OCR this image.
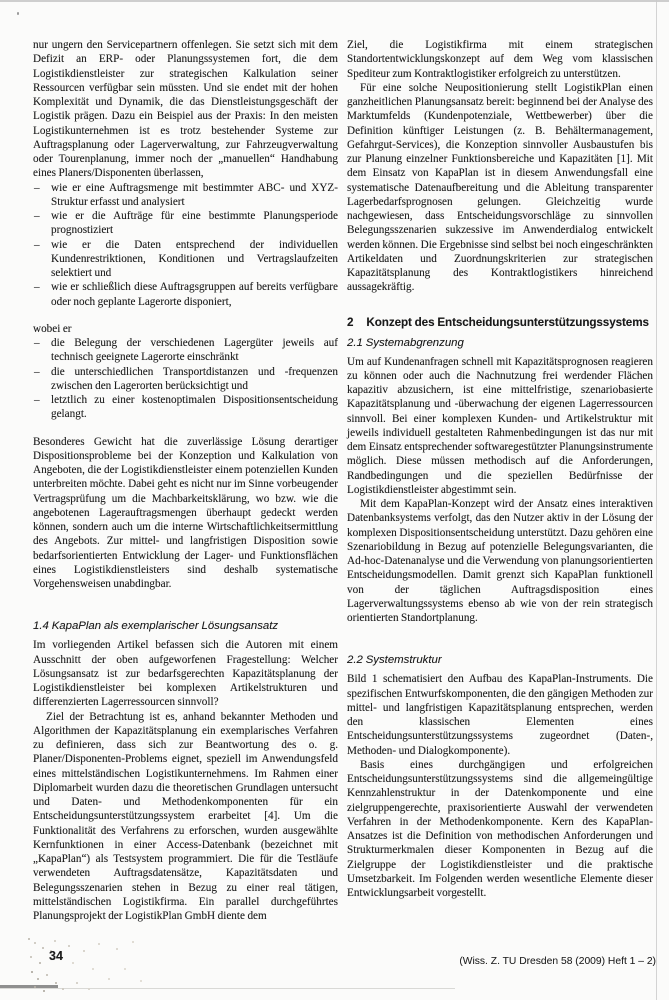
nur ungern den Servicepartnern offenlegen. Sie setzt sich mit dem Defizit an ERP- oder Planungssystemen fort, die dem Logistikdienstleister zur strategischen Kalkulation seiner Ressourcen verfügbar sein müssten. Und sie endet mit der hohen Komplexität und Dynamik, die das Dienstleistungsgeschäft der Logistik prägen. Dazu ein Beispiel aus der Praxis: In den meisten Logistikunternehmen ist es trotz bestehender Systeme zur Auftragsplanung oder Lagerverwaltung, zur Fahrzeugverwaltung oder Tourenplanung, immer noch der „manuellen“ Handhabung eines Planers/Disponenten überlassen,

– wie er eine Auftragsmenge mit bestimmter ABC- und XYZ-Struktur erfasst und analysiert
– wie er die Aufträge für eine bestimmte Planungsperiode prognostiziert
– wie er die Daten entsprechend der individuellen Kundenrestriktionen, Konditionen und Vertragslaufzeiten selektiert und
– wie er schließlich diese Auftragsgruppen auf bereits verfügbare oder noch geplante Lagerorte disponiert,

wobei er

– die Belegung der verschiedenen Lagergüter jeweils auf technisch geeignete Lagerorte einschränkt
– die unterschiedlichen Transportdistanzen und -frequenzen zwischen den Lagerorten berücksichtigt und
– letztlich zu einer kostenoptimalen Dispositionsentscheidung gelangt.

Besonderes Gewicht hat die zuverlässige Lösung derartiger Dispositionsprobleme bei der Konzeption und Kalkulation von Angeboten, die der Logistikdienstleister einem potenziellen Kunden unterbreiten möchte. Dabei geht es nicht nur im Sinne vorbeugender Vertragsprüfung um die Machbarkeitsklärung, wo bzw. wie die angebotenen Lagerauftragsmengen überhaupt gedeckt werden können, sondern auch um die interne Wirtschaftlichkeitsermittlung des Angebots. Zur mittel- und langfristigen Disposition sowie bedarfsorientierten Entwicklung der Lager- und Funktionsflächen eines Logistikdienstleisters sind deshalb systematische Vorgehensweisen unabdingbar.

1.4 KapaPlan als exemplarischer Lösungsansatz

Im vorliegenden Artikel befassen sich die Autoren mit einem Ausschnitt der oben aufgeworfenen Fragestellung: Welcher Lösungsansatz ist zur bedarfsgerechten Kapazitätsplanung der Logistikdienstleister bei komplexen Artikelstrukturen und differenzierten Lagerressourcen sinnvoll?

Ziel der Betrachtung ist es, anhand bekannter Methoden und Algorithmen der Kapazitätsplanung ein exemplarisches Verfahren zu definieren, dass sich zur Beantwortung des o. g. Planer/Disponenten-Problems eignet, speziell im Anwendungsfeld eines mittelständischen Logistikunternehmens. Im Rahmen einer Diplomarbeit wurden dazu die theoretischen Grundlagen untersucht und Daten- und Methodenkomponenten für ein Entscheidungsunterstützungssystem erarbeitet [4]. Um die Funktionalität des Verfahrens zu erforschen, wurden ausgewählte Kernfunktionen in einer Access-Datenbank (bezeichnet mit „KapaPlan“) als Testsystem programmiert. Die für die Testläufe verwendeten Auftragsdatensätze, Kapazitätsdaten und Belegungsszenarien stehen in Bezug zu einer real tätigen, mittelständischen Logistikfirma. Ein parallel durchgeführtes Planungsprojekt der LogistikPlan GmbH diente dem

Ziel, die Logistikfirma mit einem strategischen Standortentwicklungskonzept auf dem Weg vom klassischen Spediteur zum Kontraktlogistiker erfolgreich zu unterstützen.

Für eine solche Neupositionierung stellt LogistikPlan einen ganzheitlichen Planungsansatz bereit: beginnend bei der Analyse des Marktumfelds (Kundenpotenziale, Wettbewerber) über die Definition künftiger Leistungen (z. B. Behältermanagement, Gefahrgut-Services), die Konzeption sinnvoller Ausbaustufen bis zur Planung einzelner Funktionsbereiche und Kapazitäten [1]. Mit dem Einsatz von KapaPlan ist in diesem Anwendungsfall eine systematische Datenaufbereitung und die Ableitung transparenter Lagerbedarfsprognosen gelungen. Gleichzeitig wurde nachgewiesen, dass Entscheidungsvorschläge zu sinnvollen Belegungsszenarien sukzessive im Anwenderdialog entwickelt werden können. Die Ergebnisse sind selbst bei noch eingeschränkten Artikeldaten und Zuordnungskriterien zur strategischen Kapazitätsplanung des Kontraktlogistikers hinreichend aussagekräftig.

2 Konzept des Entscheidungsunterstützungssystems
2.1 Systemabgrenzung

Um auf Kundenanfragen schnell mit Kapazitätsprognosen reagieren zu können oder auch die Nachnutzung frei werdender Flächen kapazitiv abzusichern, ist eine mittelfristige, szenariobasierte Kapazitätsplanung und -überwachung der eigenen Lagerressourcen sinnvoll. Bei einer komplexen Kunden- und Artikelstruktur mit jeweils individuell gestalteten Rahmenbedingungen ist das nur mit dem Einsatz entsprechender softwaregestützter Planungsinstrumente möglich. Diese müssen methodisch auf die Anforderungen, Randbedingungen und die speziellen Bedürfnisse der Logistikdienstleister abgestimmt sein.

Mit dem KapaPlan-Konzept wird der Ansatz eines interaktiven Datenbanksystems verfolgt, das den Nutzer aktiv in der Lösung der komplexen Dispositionsentscheidung unterstützt. Dazu gehören eine Szenariobildung in Bezug auf potenzielle Belegungsvarianten, die Ad-hoc-Datenanalyse und die Verwendung von planungsorientierten Entscheidungsmodellen. Damit grenzt sich KapaPlan funktionell von der täglichen Auftragsdisposition eines Lagerverwaltungssystems ebenso ab wie von der rein strategisch orientierten Standortplanung.

2.2 Systemstruktur

Bild 1 schematisiert den Aufbau des KapaPlan-Instruments. Die spezifischen Entwurfskomponenten, die den gängigen Methoden zur mittel- und langfristigen Kapazitätsplanung entsprechen, werden den klassischen Elementen eines Entscheidungsunterstützungssystems zugeordnet (Daten-, Methoden- und Dialogkomponente).

Basis eines durchgängigen und erfolgreichen Entscheidungsunterstützungssystems sind die allgemeingültige Kennzahlenstruktur in der Datenkomponente und eine zielgruppengerechte, praxisorientierte Auswahl der verwendeten Verfahren in der Methodenkomponente. Kern des KapaPlan-Ansatzes ist die Definition von methodischen Anforderungen und Strukturmerkmalen dieser Komponenten in Bezug auf die Zielgruppe der Logistikdienstleister und die praktische Umsetzbarkeit. Im Folgenden werden wesentliche Elemente dieser Entwicklungsarbeit vorgestellt.

34	(Wiss. Z. TU Dresden 58 (2009) Heft 1 – 2)
